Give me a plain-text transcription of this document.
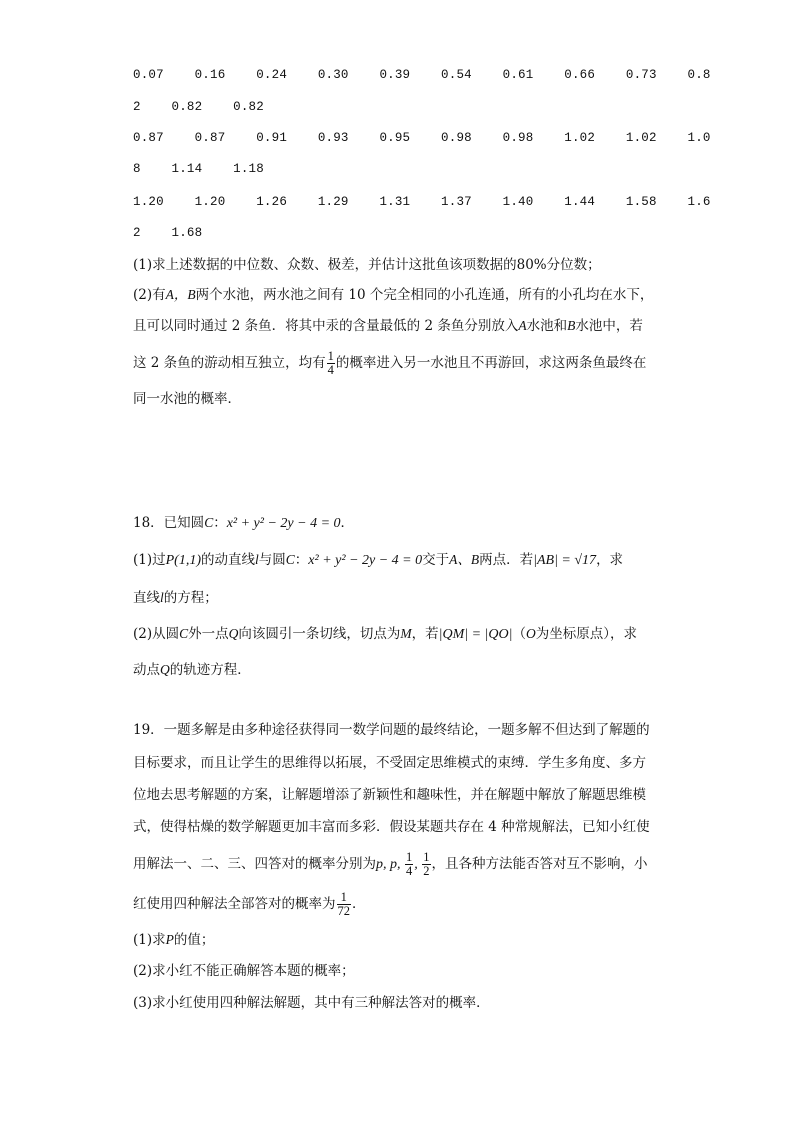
0.07    0.16    0.24    0.30    0.39    0.54    0.61    0.66    0.73    0.8
2    0.82    0.82
0.87    0.87    0.91    0.93    0.95    0.98    0.98    1.02    1.02    1.0
8    1.14    1.18
1.20    1.20    1.26    1.29    1.31    1.37    1.40    1.44    1.58    1.6
2    1.68
(1)求上述数据的中位数、众数、极差，并估计这批鱼该项数据的80%分位数；
(2)有A，B两个水池，两水池之间有 10 个完全相同的小孔连通，所有的小孔均在水下，
且可以同时通过 2 条鱼．将其中汞的含量最低的 2 条鱼分别放入A水池和B水池中，若
这 2 条鱼的游动相互独立，均有 $\frac{1}{4}$ 的概率进入另一水池且不再游回，求这两条鱼最终在
同一水池的概率．
18．已知圆C：x² + y² − 2y − 4 = 0．
(1)过P(1,1)的动直线l与圆C：x² + y² − 2y − 4 = 0交于A、B两点．若|AB| = √17，求
直线l的方程；
(2)从圆C外一点Q向该圆引一条切线，切点为M，若|QM| = |QO|（O为坐标原点），求
动点Q的轨迹方程．
19．一题多解是由多种途径获得同一数学问题的最终结论，一题多解不但达到了解题的
目标要求，而且让学生的思维得以拓展，不受固定思维模式的束缚．学生多角度、多方
位地去思考解题的方案，让解题增添了新颖性和趣味性，并在解题中解放了解题思维模
式，使得枯燥的数学解题更加丰富而多彩．假设某题共存在 4 种常规解法，已知小红使
用解法一、二、三、四答对的概率分别为p, p, $\frac{1}{4}$ , $\frac{1}{2}$ ，且各种方法能否答对互不影响，小
红使用四种解法全部答对的概率为 $\frac{1}{72}$ ．
(1)求P的值；
(2)求小红不能正确解答本题的概率；
(3)求小红使用四种解法解题，其中有三种解法答对的概率．
